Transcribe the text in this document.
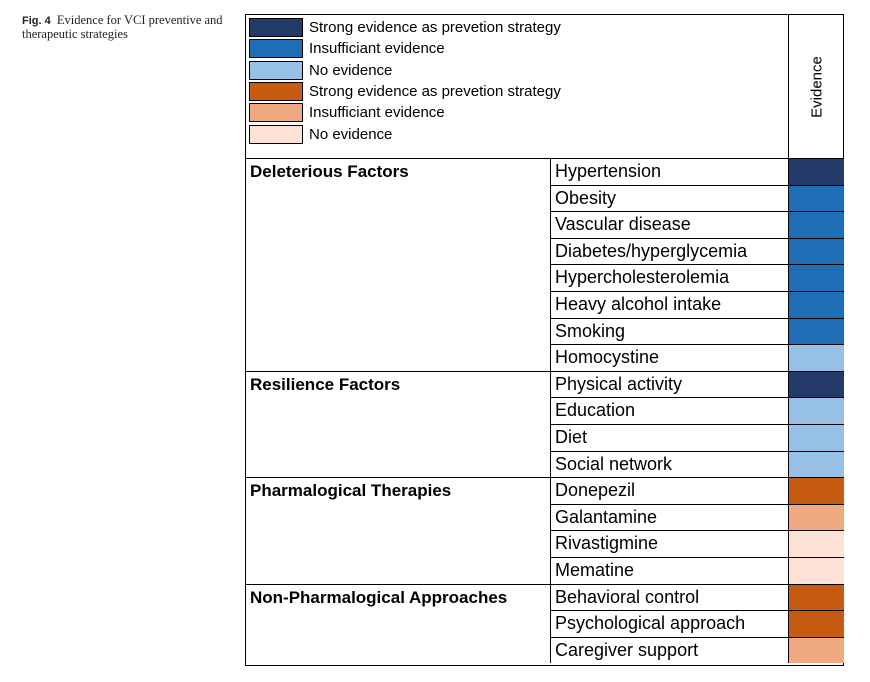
Fig. 4 Evidence for VCI preventive and therapeutic strategies	Strong evidence as prevetion strategy
Insufficiant evidence
No evidence
Strong evidence as prevetion strategy
Insufficiant evidence
No evidence
Evidence
Deleterious Factors	Hypertension
Obesity
Vascular disease
Diabetes/hyperglycemia
Hypercholesterolemia
Heavy alcohol intake
Smoking
Homocystine
Resilience Factors	Physical activity
Education
Diet
Social network
Pharmalogical Therapies	Donepezil
Galantamine
Rivastigmine
Mematine
Non-Pharmalogical Approaches	Behavioral control
Psychological approach
Caregiver support
